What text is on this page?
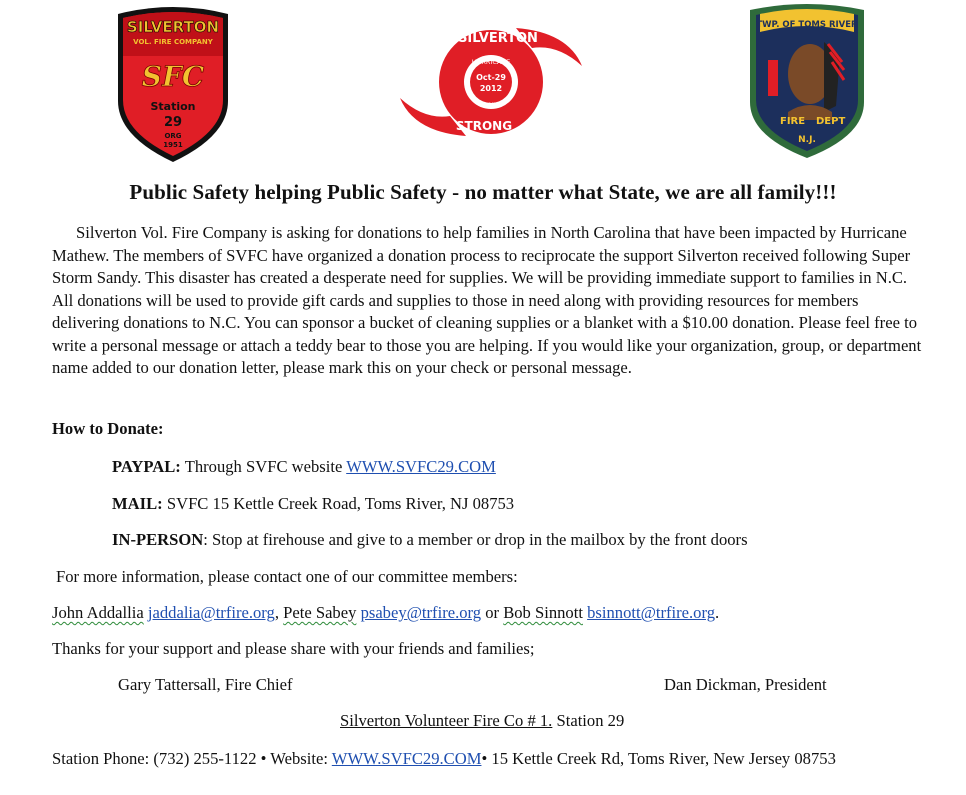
SILVERTON
VOL. FIRE COMPANY
SFC
Station
29
ORG
1951
SILVERTON
HURRICANE
Oct-29
2012
SANDY
STRONG
TWP. OF TOMS RIVER
FIRE DEPT
N.J.
Public Safety helping Public Safety - no matter what State, we are all family!!!

Silverton Vol. Fire Company is asking for donations to help families in North Carolina that have been impacted by Hurricane Mathew. The members of SVFC have organized a donation process to reciprocate the support Silverton received following Super Storm Sandy. This disaster has created a desperate need for supplies. We will be providing immediate support to families in N.C. All donations will be used to provide gift cards and supplies to those in need along with providing resources for members delivering donations to N.C. You can sponsor a bucket of cleaning supplies or a blanket with a $10.00 donation. Please feel free to write a personal message or attach a teddy bear to those you are helping. If you would like your organization, group, or department name added to our donation letter, please mark this on your check or personal message.

How to Donate:
PAYPAL: Through SVFC website WWW.SVFC29.COM
MAIL: SVFC 15 Kettle Creek Road, Toms River, NJ 08753
IN-PERSON: Stop at firehouse and give to a member or drop in the mailbox by the front doors
For more information, please contact one of our committee members:
John Addallia jaddalia@trfire.org, Pete Sabey psabey@trfire.org or Bob Sinnott bsinnott@trfire.org.
Thanks for your support and please share with your friends and families;
Gary Tattersall, Fire Chief	Dan Dickman, President
Silverton Volunteer Fire Co # 1. Station 29
Station Phone: (732) 255-1122 • Website: WWW.SVFC29.COM• 15 Kettle Creek Rd, Toms River, New Jersey 08753
